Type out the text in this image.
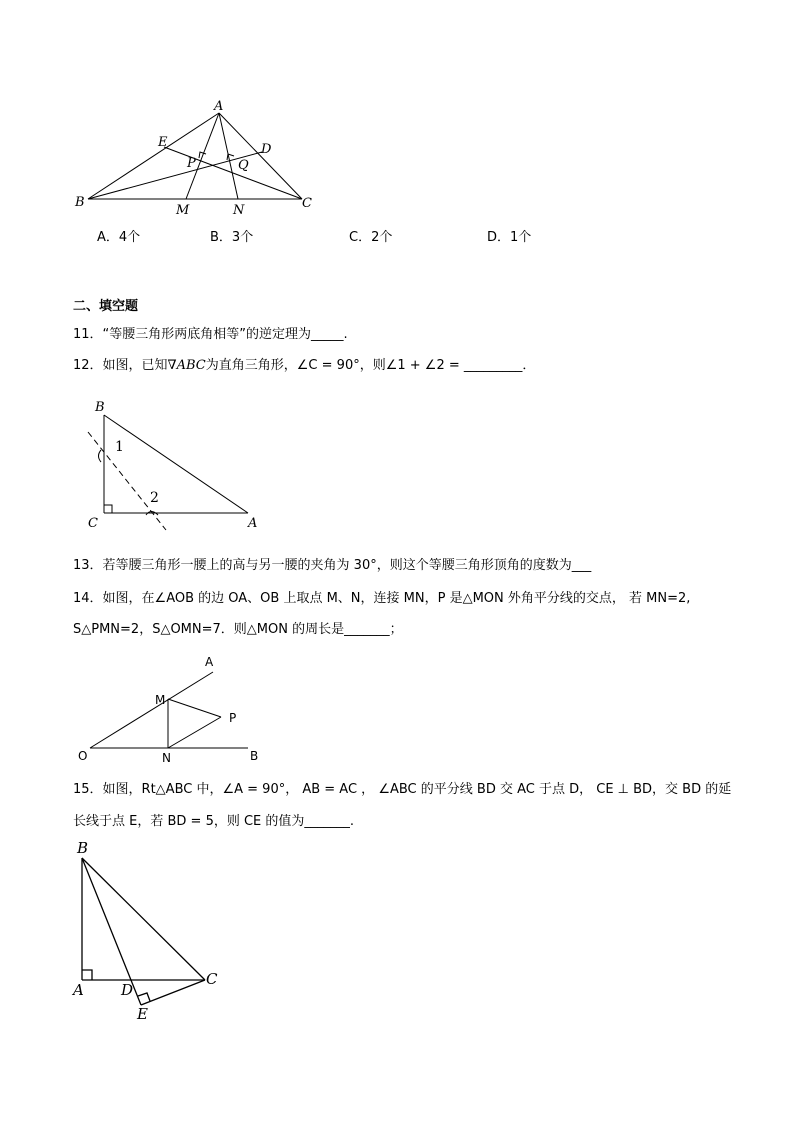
A
E	D
P	Q
B
M	N	C
A．4个	B．3个	C．2个	D．1个
二、填空题
11．“等腰三角形两底角相等”的逆定理为_____.
12．如图，已知∇ABC为直角三角形，∠C = 90°，则∠1 + ∠2 = _________．
B
1
2
C	A
13．若等腰三角形一腰上的高与另一腰的夹角为 30°，则这个等腰三角形顶角的度数为___
14．如图，在∠AOB 的边 OA、OB 上取点 M、N，连接 MN，P 是△MON 外角平分线的交点， 若 MN=2,
S△PMN=2，S△OMN=7．则△MON 的周长是_______；
A
M
P
O	N	B
15．如图，Rt△ABC 中，∠A = 90°， AB = AC ， ∠ABC 的平分线 BD 交 AC 于点 D， CE ⊥ BD，交 BD 的延
长线于点 E，若 BD = 5，则 CE 的值为_______.
B
A D
C
E
